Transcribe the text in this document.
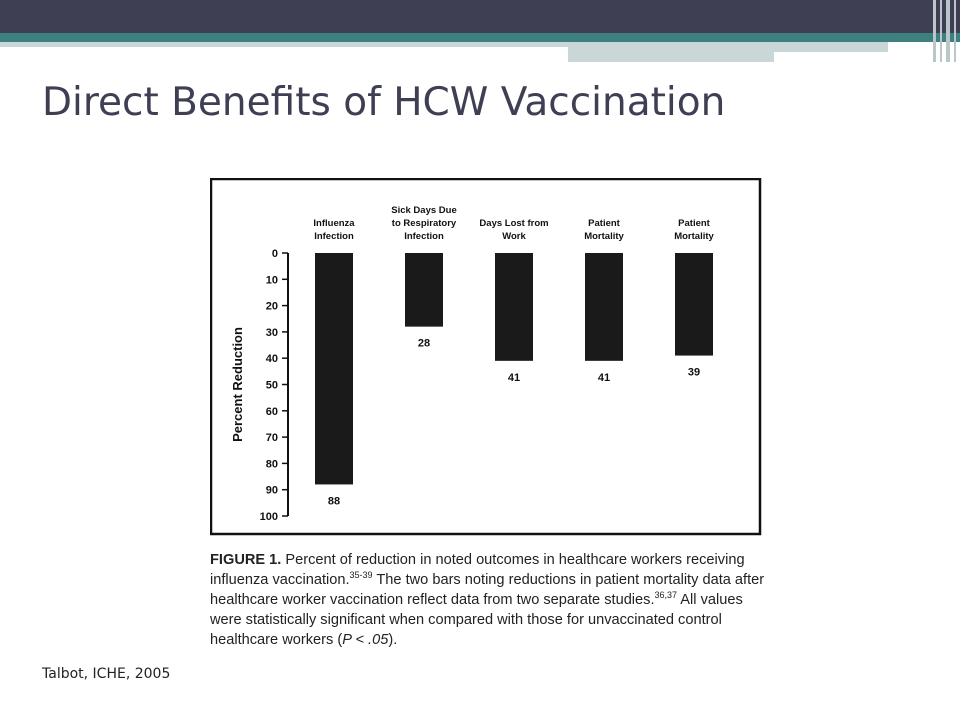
Direct Benefits of HCW Vaccination
0
10
20
30
40
50
60
70
80
90
100
Percent Reduction
88
Influenza
Infection
28
Sick Days Due
to Respiratory
Infection
41
Days Lost from
Work
41
Patient
Mortality
39
Patient
Mortality
FIGURE 1. Percent of reduction in noted outcomes in healthcare workers receiving influenza vaccination.$^{35-39}$ The two bars noting reductions in patient mortality data after healthcare worker vaccination reflect data from two separate studies.$^{36,37}$ All values were statistically significant when compared with those for unvaccinated control healthcare workers (P < .05).
Talbot, ICHE, 2005
